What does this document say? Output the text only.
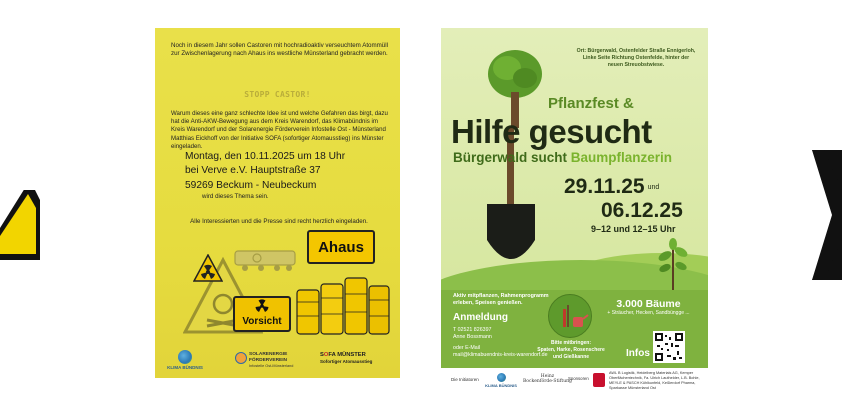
Noch in diesem Jahr sollen Castoren mit hochradioaktiv verseuchtem Atommüll zur Zwischenlagerung nach Ahaus ins westliche Münsterland gebracht werden.
STOPP CASTOR!
Warum dieses eine ganz schlechte Idee ist und welche Gefahren das birgt, dazu hat die Anti-AKW-Bewegung aus dem Kreis Warendorf, das Klimabündnis im Kreis Warendorf und der Solarenergie Förderverein Infostelle Ost - Münsterland Matthias Eickhoff von der Initiative SOFA (sofortiger Atomausstieg) ins Münster eingeladen.
Montag, den 10.11.2025 um 18 Uhr
bei Verve e.V. Hauptstraße 37
59269 Beckum - Neubeckum
wird dieses Thema sein.
Alle Interessierten und die Presse sind recht herzlich eingeladen.
Ahaus
Vorsicht
KLIMA BÜNDNIS
SOLARENERGIE
FÖRDERVEREIN
Infostelle Ost-Münsterland
SOFA MÜNSTER
Sofortiger Atomausstieg
Die Initiatoren
KLIMA BÜNDNIS
Heinz
Bockenförde-Stiftung
Sponsoren
AWL B Logistik, Heidelberg Materials AG, Kemper Oberflächentechnik, Fa. Ulrich Lauthelder, L.B. Bohle, MEYLE & PASCH Kühlkunfeld, Keßlerdorf Pharma, Sparkasse Münsterland Ost
Ort: Bürgerwald, Ostenfelder Straße Ennigerloh, Linke Seite Richtung Ostenfelde, hinter der neuen Streuobstwiese.
Pflanzfest &
Hilfe gesucht
Bürgerwald sucht Baumpflanzerin
29.11.25 und
06.12.25
9–12 und 12–15 Uhr
Aktiv mitpflanzen, Rahmenprogramm erleben, Speisen genießen.
Anmeldung
T 02521 826397
Anne Bossmann
oder E-Mail
mail@klimabuendnis-kreis-warendorf.de
Bitte mitbringen:
Spaten, Harke, Rosenschere und Gießkanne
3.000 Bäume
+ Sträucher, Hecken, Sandbüngge ...
Infos
